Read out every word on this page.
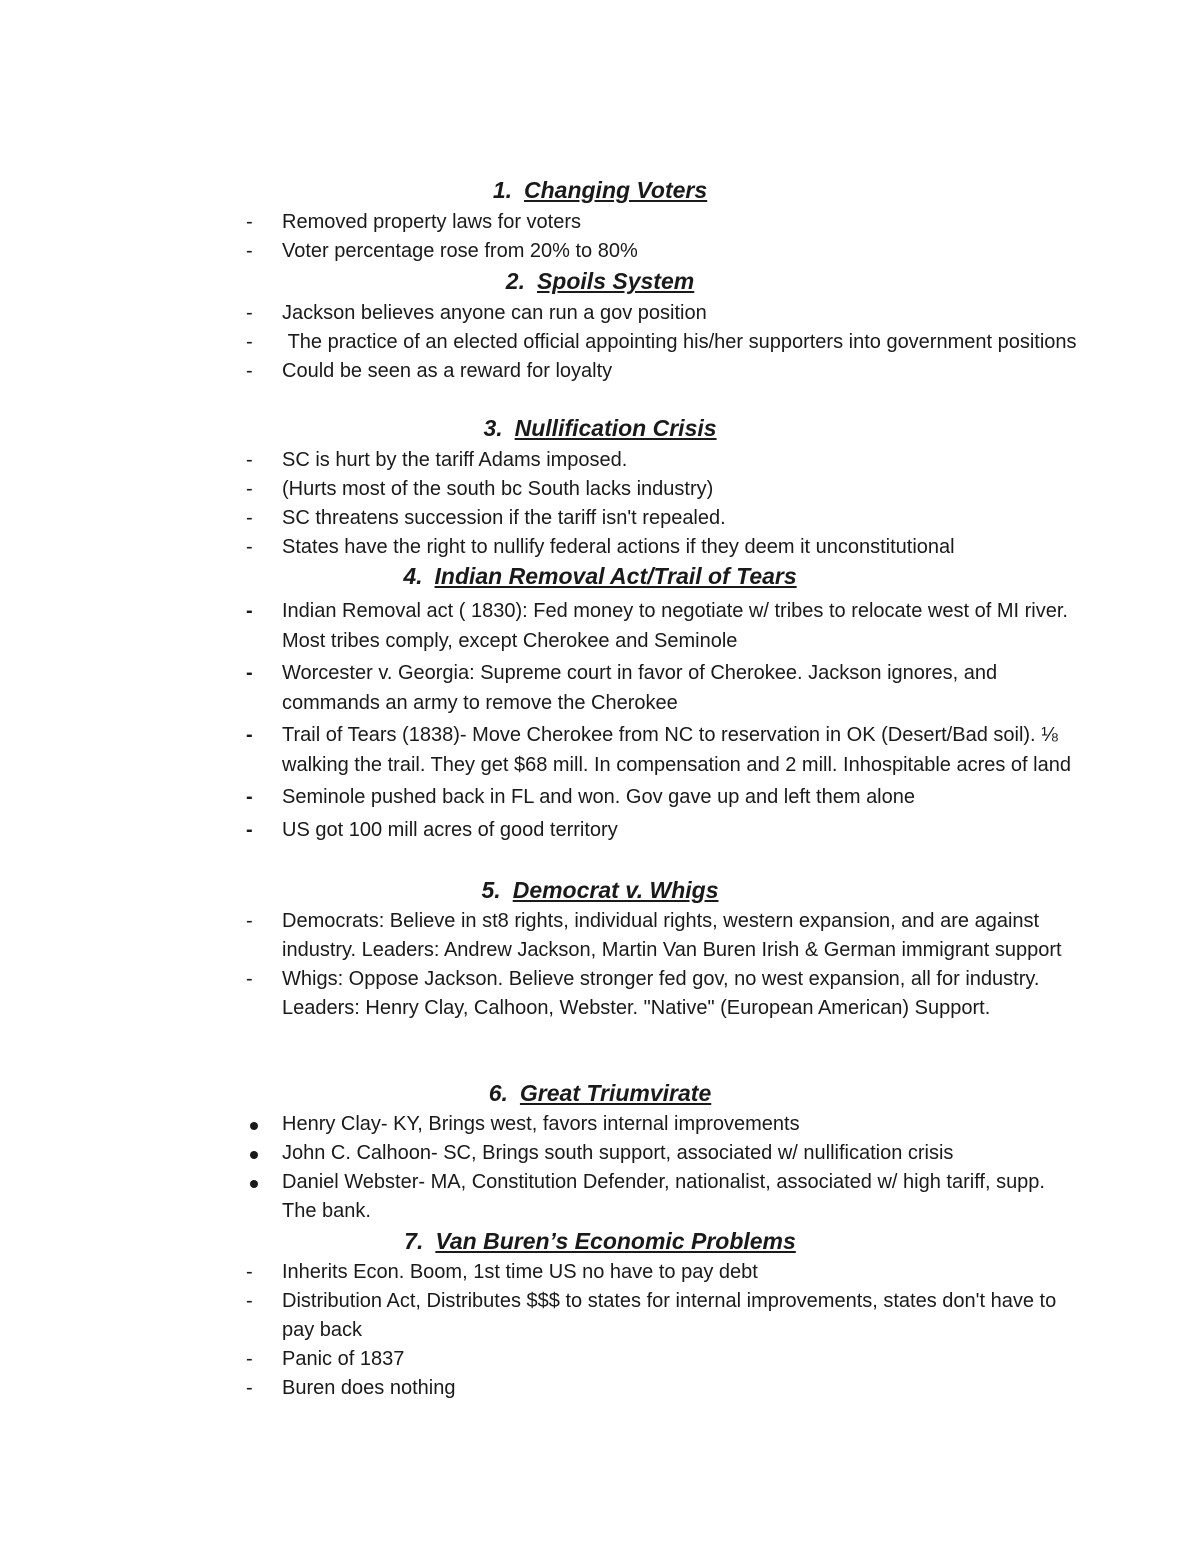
1. Changing Voters
-
Removed property laws for voters
-
Voter percentage rose from 20% to 80%
2. Spoils System
-
Jackson believes anyone can run a gov position
-
The practice of an elected official appointing his/her supporters into government positions
-
Could be seen as a reward for loyalty
3. Nullification Crisis
-
SC is hurt by the tariff Adams imposed.
-
(Hurts most of the south bc South lacks industry)
-
SC threatens succession if the tariff isn't repealed.
-
States have the right to nullify federal actions if they deem it unconstitutional
4. Indian Removal Act/Trail of Tears
-
Indian Removal act ( 1830): Fed money to negotiate w/ tribes to relocate west of MI river. Most tribes comply, except Cherokee and Seminole
-
Worcester v. Georgia: Supreme court in favor of Cherokee. Jackson ignores, and commands an army to remove the Cherokee
-
Trail of Tears (1838)- Move Cherokee from NC to reservation in OK (Desert/Bad soil). ⅛ walking the trail. They get $68 mill. In compensation and 2 mill. Inhospitable acres of land
-
Seminole pushed back in FL and won. Gov gave up and left them alone
-
US got 100 mill acres of good territory
5. Democrat v. Whigs
-
Democrats: Believe in st8 rights, individual rights, western expansion, and are against industry. Leaders: Andrew Jackson, Martin Van Buren Irish & German immigrant support
-
Whigs: Oppose Jackson. Believe stronger fed gov, no west expansion, all for industry. Leaders: Henry Clay, Calhoon, Webster. "Native" (European American) Support.
6. Great Triumvirate
Henry Clay- KY, Brings west, favors internal improvements
John C. Calhoon- SC, Brings south support, associated w/ nullification crisis
Daniel Webster- MA, Constitution Defender, nationalist, associated w/ high tariff, supp. The bank.
7. Van Buren’s Economic Problems
-
Inherits Econ. Boom, 1st time US no have to pay debt
-
Distribution Act, Distributes $$$ to states for internal improvements, states don't have to pay back
-
Panic of 1837
-
Buren does nothing
